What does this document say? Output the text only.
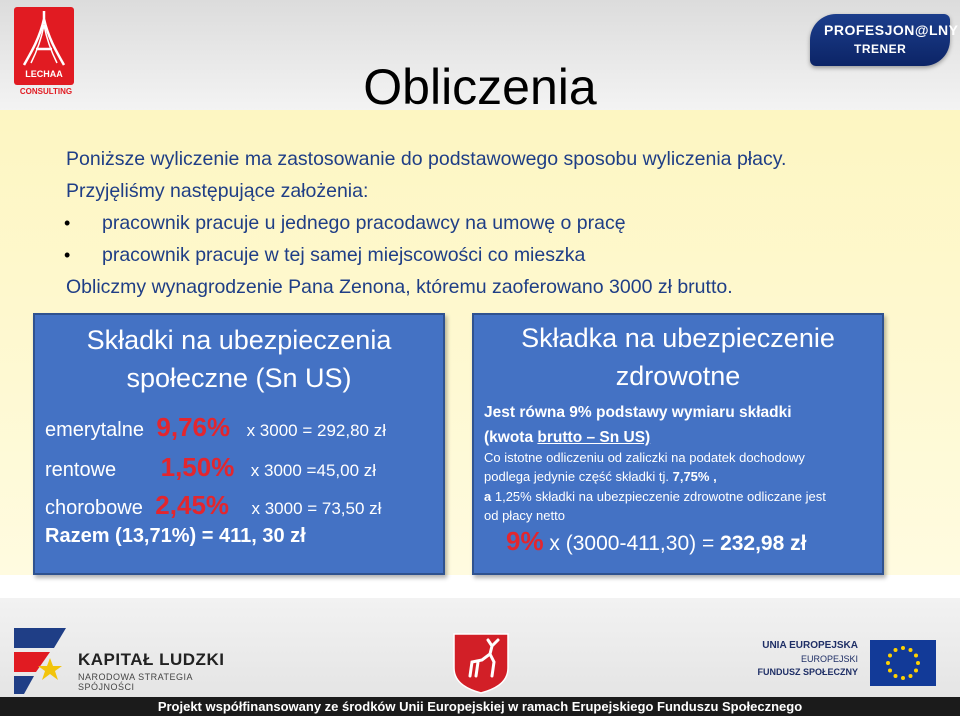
LECHAA
CONSULTING
PROFESJON@LNY
TRENER
Obliczenia
Poniższe wyliczenie ma zastosowanie do podstawowego sposobu wyliczenia płacy.
Przyjęliśmy następujące założenia:
• pracownik pracuje u jednego pracodawcy na umowę o pracę
• pracownik pracuje w tej samej miejscowości co mieszka
Obliczmy wynagrodzenie Pana Zenona, któremu zaoferowano 3000 zł brutto.
Składki na ubezpieczenia
społeczne (Sn US)
emerytalne 9,76% x 3000 = 292,80 zł
rentowe 1,50% x 3000 =45,00 zł
chorobowe 2,45% x 3000 = 73,50 zł
Razem (13,71%) = 411, 30 zł
Składka na ubezpieczenie
zdrowotne
Jest równa 9% podstawy wymiaru składki
(kwota brutto – Sn US)
Co istotne odliczeniu od zaliczki na podatek dochodowy
podlega jedynie część składki tj. 7,75% ,
a 1,25% składki na ubezpieczenie zdrowotne odliczane jest
od płacy netto
9% x (3000-411,30) = 232,98 zł
KAPITAŁ LUDZKI
NARODOWA STRATEGIA SPÓJNOŚCI
UNIA EUROPEJSKA
EUROPEJSKI
FUNDUSZ SPOŁECZNY
Projekt współfinansowany ze środków Unii Europejskiej w ramach Erupejskiego Funduszu Społecznego
